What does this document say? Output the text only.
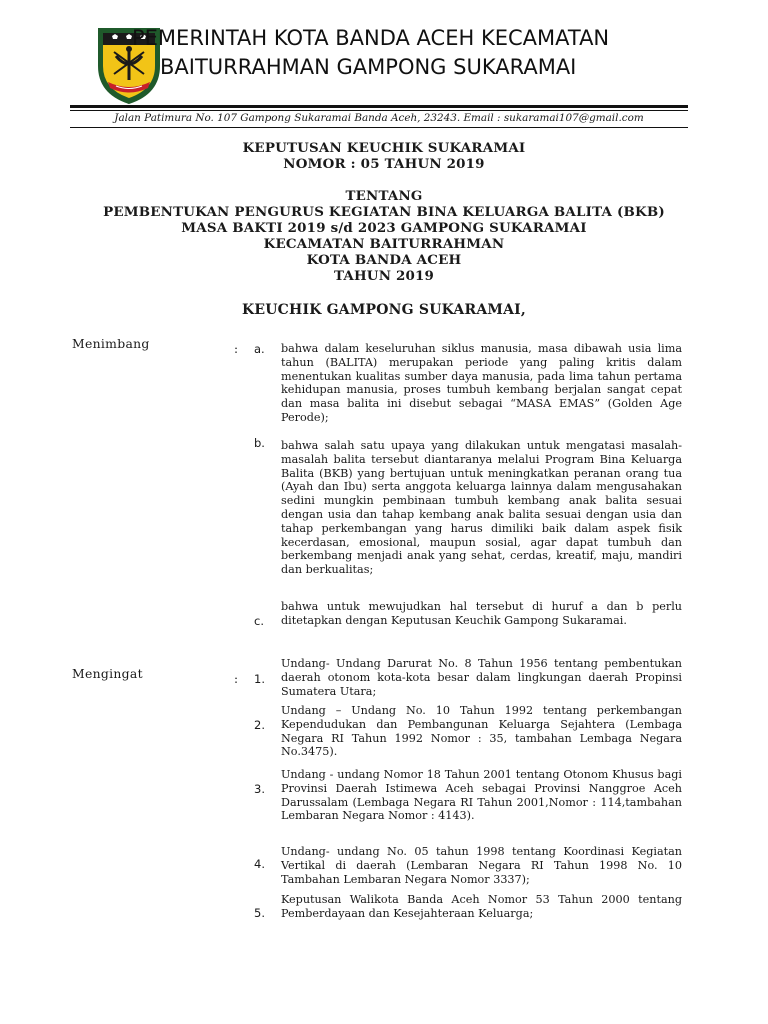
PEMERINTAH KOTA BANDA ACEH KECAMATAN
BAITURRAHMAN GAMPONG SUKARAMAI
Jalan Patimura No. 107 Gampong Sukaramai Banda Aceh, 23243. Email : sukaramai107@gmail.com
KEPUTUSAN KEUCHIK SUKARAMAI
NOMOR : 05 TAHUN 2019
TENTANG
PEMBENTUKAN PENGURUS KEGIATAN BINA KELUARGA BALITA (BKB)
MASA BAKTI 2019 s/d 2023 GAMPONG SUKARAMAI
KECAMATAN BAITURRAHMAN
KOTA BANDA ACEH
TAHUN 2019
KEUCHIK GAMPONG SUKARAMAI,
Menimbang	: a. bahwa dalam keseluruhan siklus manusia, masa dibawah usia lima tahun (BALITA) merupakan periode yang paling kritis dalam menentukan kualitas sumber daya manusia, pada lima tahun pertama kehidupan manusia, proses tumbuh kembang berjalan sangat cepat dan masa balita ini disebut sebagai “MASA EMAS” (Golden Age Perode);
b. bahwa salah satu upaya yang dilakukan untuk mengatasi masalah-masalah balita tersebut diantaranya melalui Program Bina Keluarga Balita (BKB) yang bertujuan untuk meningkatkan peranan orang tua (Ayah dan Ibu) serta anggota keluarga lainnya dalam mengusahakan sedini mungkin pembinaan tumbuh kembang anak balita sesuai dengan usia dan tahap kembang anak balita sesuai dengan usia dan tahap perkembangan yang harus dimiliki baik dalam aspek fisik kecerdasan, emosional, maupun sosial, agar dapat tumbuh dan berkembang menjadi anak yang sehat, cerdas, kreatif, maju, mandiri dan berkualitas;
c.
bahwa untuk mewujudkan hal tersebut di huruf a dan b perlu ditetapkan dengan Keputusan Keuchik Gampong Sukaramai.
Mengingat	: 1.
Undang- Undang Darurat No. 8 Tahun 1956 tentang pembentukan daerah otonom kota-kota besar dalam lingkungan daerah Propinsi Sumatera Utara;
2.
Undang – Undang No. 10 Tahun 1992 tentang perkembangan Kependudukan dan Pembangunan Keluarga Sejahtera (Lembaga Negara RI Tahun 1992 Nomor : 35, tambahan Lembaga Negara No.3475).
3.
Undang - undang Nomor 18 Tahun 2001 tentang Otonom Khusus bagi Provinsi Daerah Istimewa Aceh sebagai Provinsi Nanggroe Aceh Darussalam (Lembaga Negara RI Tahun 2001,Nomor : 114,tambahan Lembaran Negara Nomor : 4143).
4.
Undang- undang No. 05 tahun 1998 tentang Koordinasi Kegiatan Vertikal di daerah (Lembaran Negara RI Tahun 1998 No. 10 Tambahan Lembaran Negara Nomor 3337);
5.
Keputusan Walikota Banda Aceh Nomor 53 Tahun 2000 tentang Pemberdayaan dan Kesejahteraan Keluarga;
